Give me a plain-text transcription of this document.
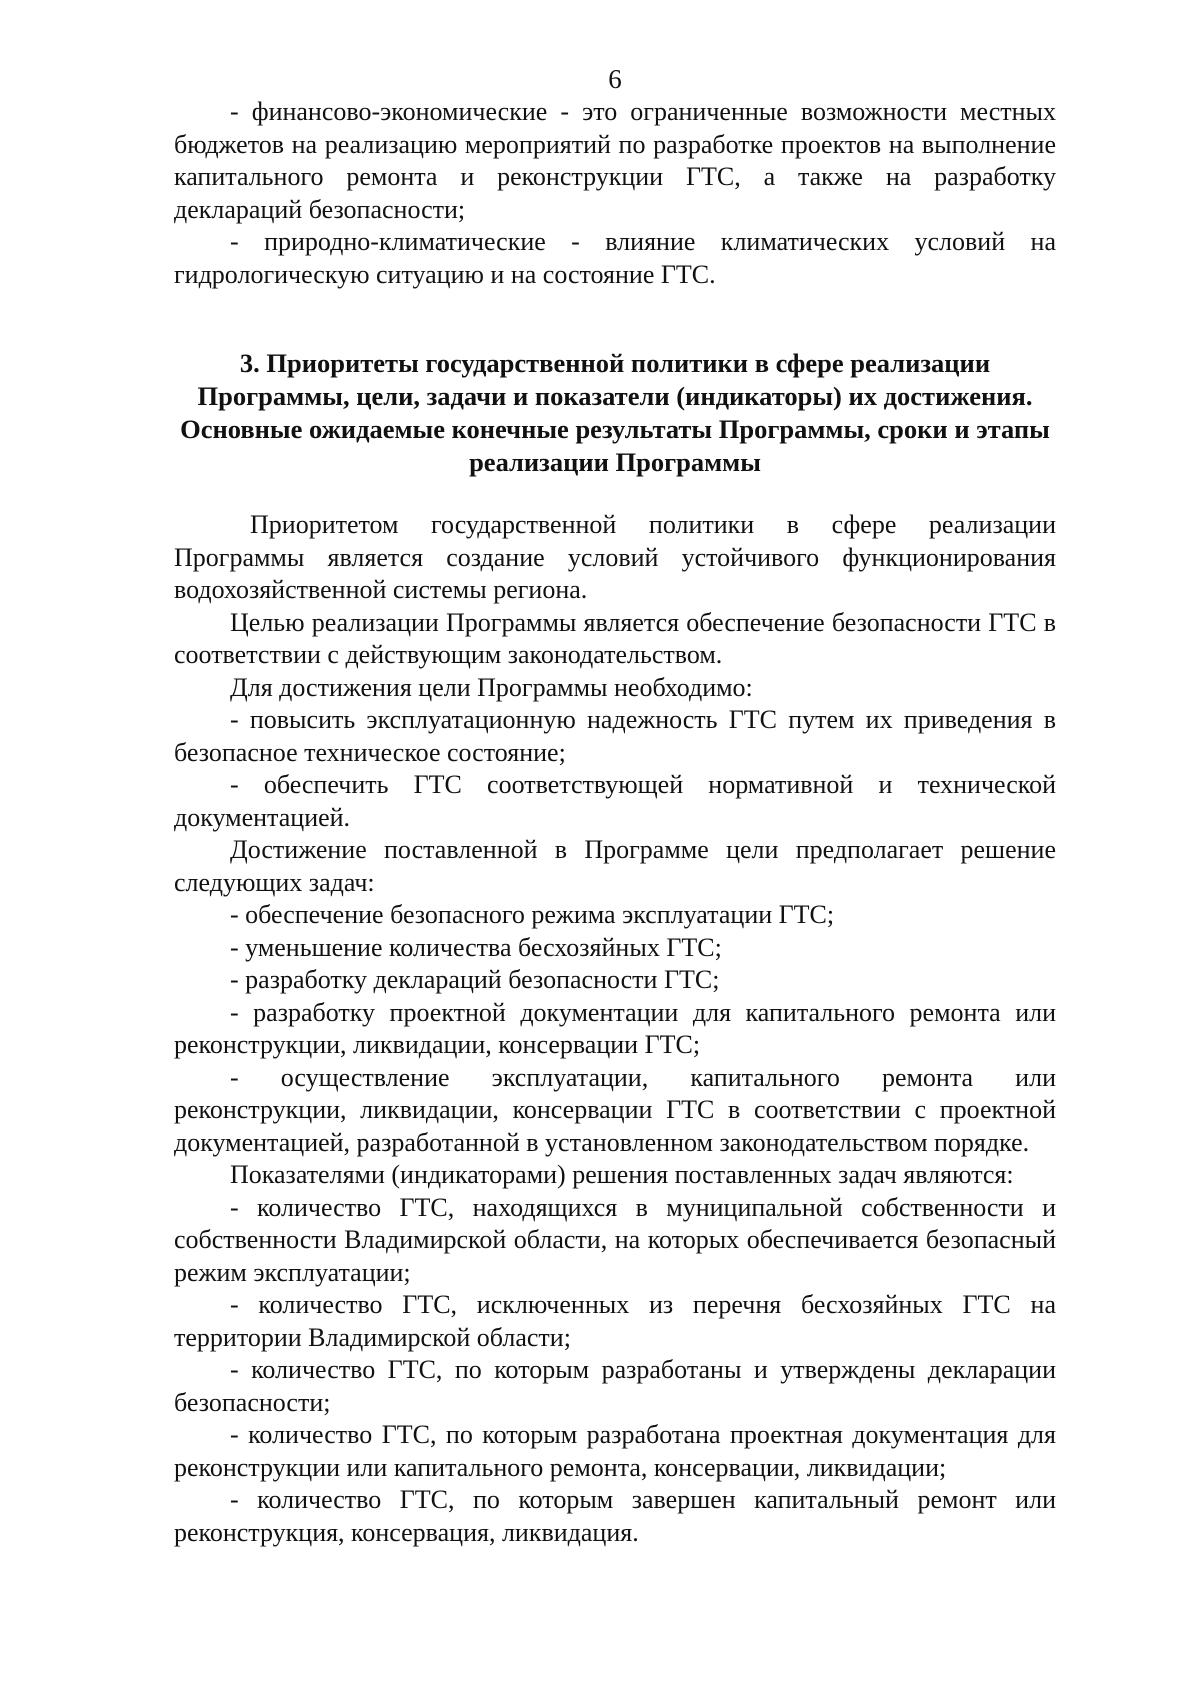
6

- финансово-экономические - это ограниченные возможности местных бюджетов на реализацию мероприятий по разработке проектов на выполнение капитального ремонта и реконструкции ГТС, а также на разработку деклараций безопасности;

- природно-климатические - влияние климатических условий на гидрологическую ситуацию и на состояние ГТС.

3. Приоритеты государственной политики в сфере реализации Программы, цели, задачи и показатели (индикаторы) их достижения. Основные ожидаемые конечные результаты Программы, сроки и этапы реализации Программы

Приоритетом государственной политики в сфере реализации Программы является создание условий устойчивого функционирования водохозяйственной системы региона.

Целью реализации Программы является обеспечение безопасности ГТС в соответствии с действующим законодательством.

Для достижения цели Программы необходимо:

- повысить эксплуатационную надежность ГТС путем их приведения в безопасное техническое состояние;

- обеспечить ГТС соответствующей нормативной и технической документацией.

Достижение поставленной в Программе цели предполагает решение следующих задач:

- обеспечение безопасного режима эксплуатации ГТС;

- уменьшение количества бесхозяйных ГТС;

- разработку деклараций безопасности ГТС;

- разработку проектной документации для капитального ремонта или реконструкции, ликвидации, консервации ГТС;

- осуществление эксплуатации, капитального ремонта или реконструкции, ликвидации, консервации ГТС в соответствии с проектной документацией, разработанной в установленном законодательством порядке.

Показателями (индикаторами) решения поставленных задач являются:

- количество ГТС, находящихся в муниципальной собственности и собственности Владимирской области, на которых обеспечивается безопасный режим эксплуатации;

- количество ГТС, исключенных из перечня бесхозяйных ГТС на территории Владимирской области;

- количество ГТС, по которым разработаны и утверждены декларации безопасности;

- количество ГТС, по которым разработана проектная документация для реконструкции или капитального ремонта, консервации, ликвидации;

- количество ГТС, по которым завершен капитальный ремонт или реконструкция, консервация, ликвидация.
